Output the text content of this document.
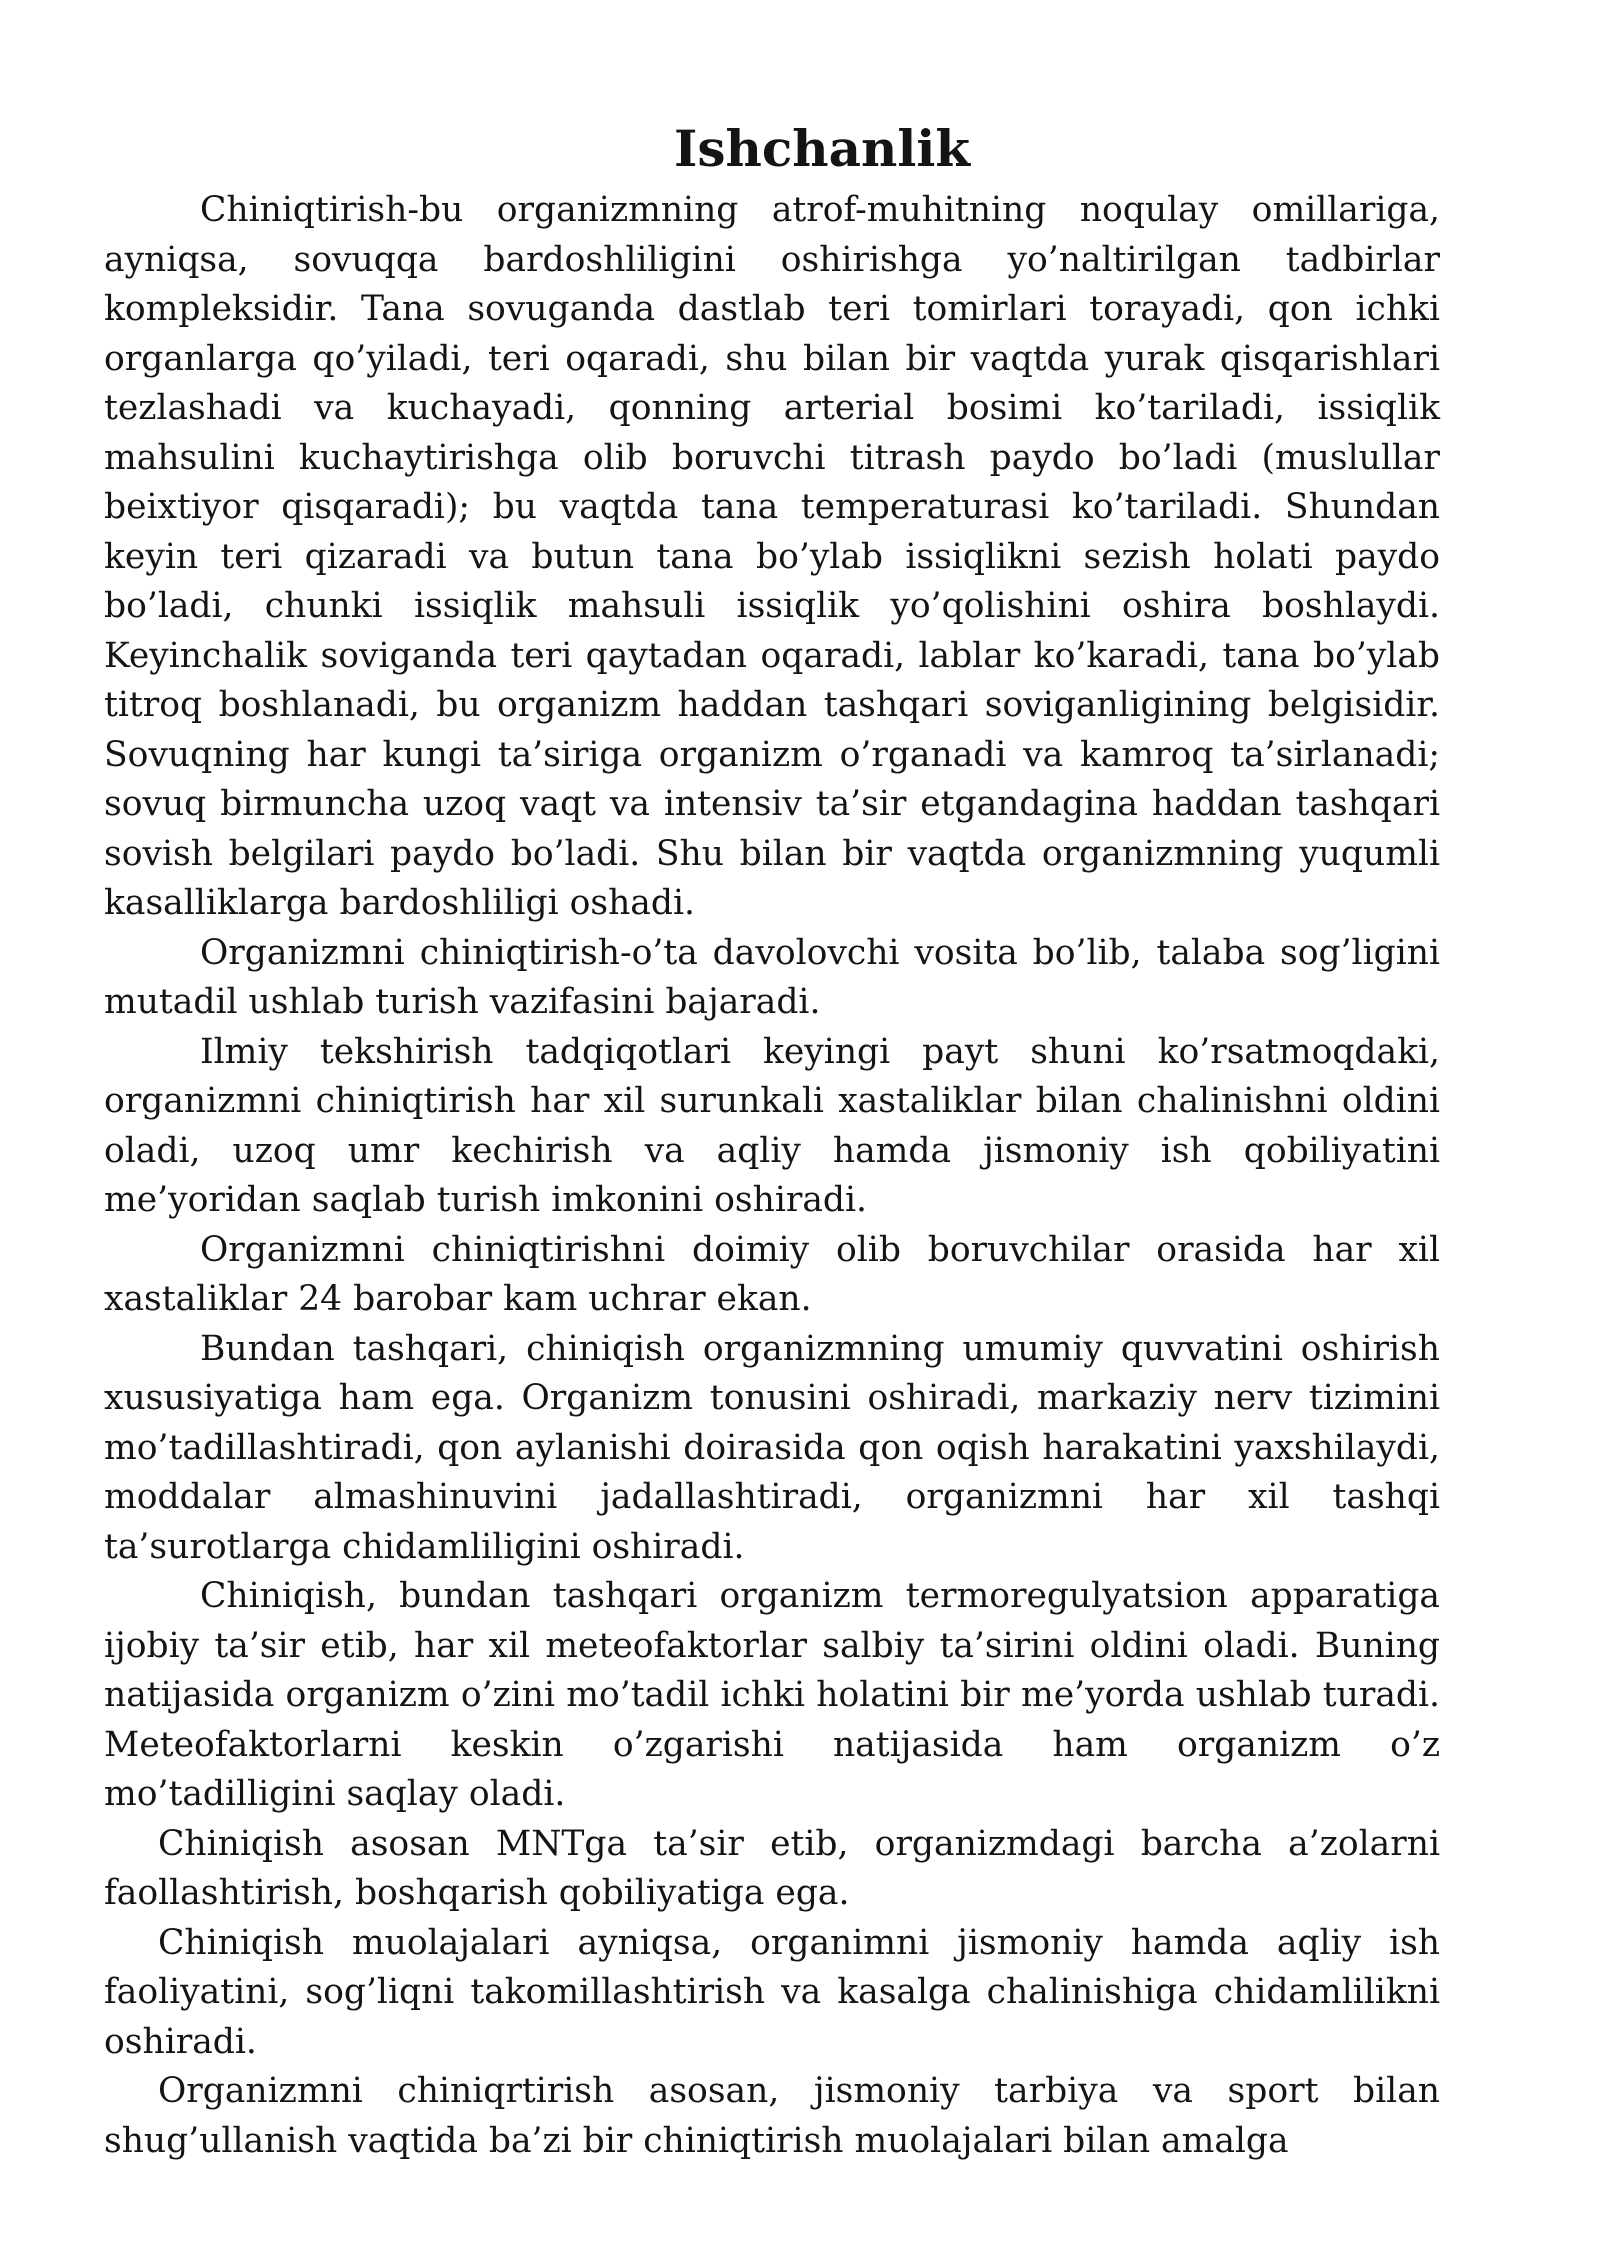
Ishchanlik

Chiniqtirish-bu organizmning atrof-muhitning noqulay omillariga, ayniqsa, sovuqqa bardoshliligini oshirishga yo’naltirilgan tadbirlar kompleksidir. Tana sovuganda dastlab teri tomirlari torayadi, qon ichki organlarga qo’yiladi, teri oqaradi, shu bilan bir vaqtda yurak qisqarishlari tezlashadi va kuchayadi, qonning arterial bosimi ko’tariladi, issiqlik mahsulini kuchaytirishga olib boruvchi titrash paydo bo’ladi (muslullar beixtiyor qisqaradi); bu vaqtda tana temperaturasi ko’tariladi. Shundan keyin teri qizaradi va butun tana bo’ylab issiqlikni sezish holati paydo bo’ladi, chunki issiqlik mahsuli issiqlik yo’qolishini oshira boshlaydi. Keyinchalik soviganda teri qaytadan oqaradi, lablar ko’karadi, tana bo’ylab titroq boshlanadi, bu organizm haddan tashqari soviganligining belgisidir. Sovuqning har kungi ta’siriga organizm o’rganadi va kamroq ta’sirlanadi; sovuq birmuncha uzoq vaqt va intensiv ta’sir etgandagina haddan tashqari sovish belgilari paydo bo’ladi. Shu bilan bir vaqtda organizmning yuqumli kasalliklarga bardoshliligi oshadi.

Organizmni chiniqtirish-o’ta davolovchi vosita bo’lib, talaba sog’ligini mutadil ushlab turish vazifasini bajaradi.

Ilmiy tekshirish tadqiqotlari keyingi payt shuni ko’rsatmoqdaki, organizmni chiniqtirish har xil surunkali xastaliklar bilan chalinishni oldini oladi, uzoq umr kechirish va aqliy hamda jismoniy ish qobiliyatini me’yoridan saqlab turish imkonini oshiradi.

Organizmni chiniqtirishni doimiy olib boruvchilar orasida har xil xastaliklar 24 barobar kam uchrar ekan.

Bundan tashqari, chiniqish organizmning umumiy quvvatini oshirish xususiyatiga ham ega. Organizm tonusini oshiradi, markaziy nerv tizimini mo’tadillashtiradi, qon aylanishi doirasida qon oqish harakatini yaxshilaydi, moddalar almashinuvini jadallashtiradi, organizmni har xil tashqi ta’surotlarga chidamliligini oshiradi.

Chiniqish, bundan tashqari organizm termoregulyatsion apparatiga ijobiy ta’sir etib, har xil meteofaktorlar salbiy ta’sirini oldini oladi. Buning natijasida organizm o’zini mo’tadil ichki holatini bir me’yorda ushlab turadi. Meteofaktorlarni keskin o’zgarishi natijasida ham organizm o’z mo’tadilligini saqlay oladi.

Chiniqish asosan MNTga ta’sir etib, organizmdagi barcha a’zolarni faollashtirish, boshqarish qobiliyatiga ega.

Chiniqish muolajalari ayniqsa, organimni jismoniy hamda aqliy ish faoliyatini, sog’liqni takomillashtirish va kasalga chalinishiga chidamlilikni oshiradi.

Organizmni chiniqrtirish asosan, jismoniy tarbiya va sport bilan shug’ullanish vaqtida ba’zi bir chiniqtirish muolajalari bilan amalga
